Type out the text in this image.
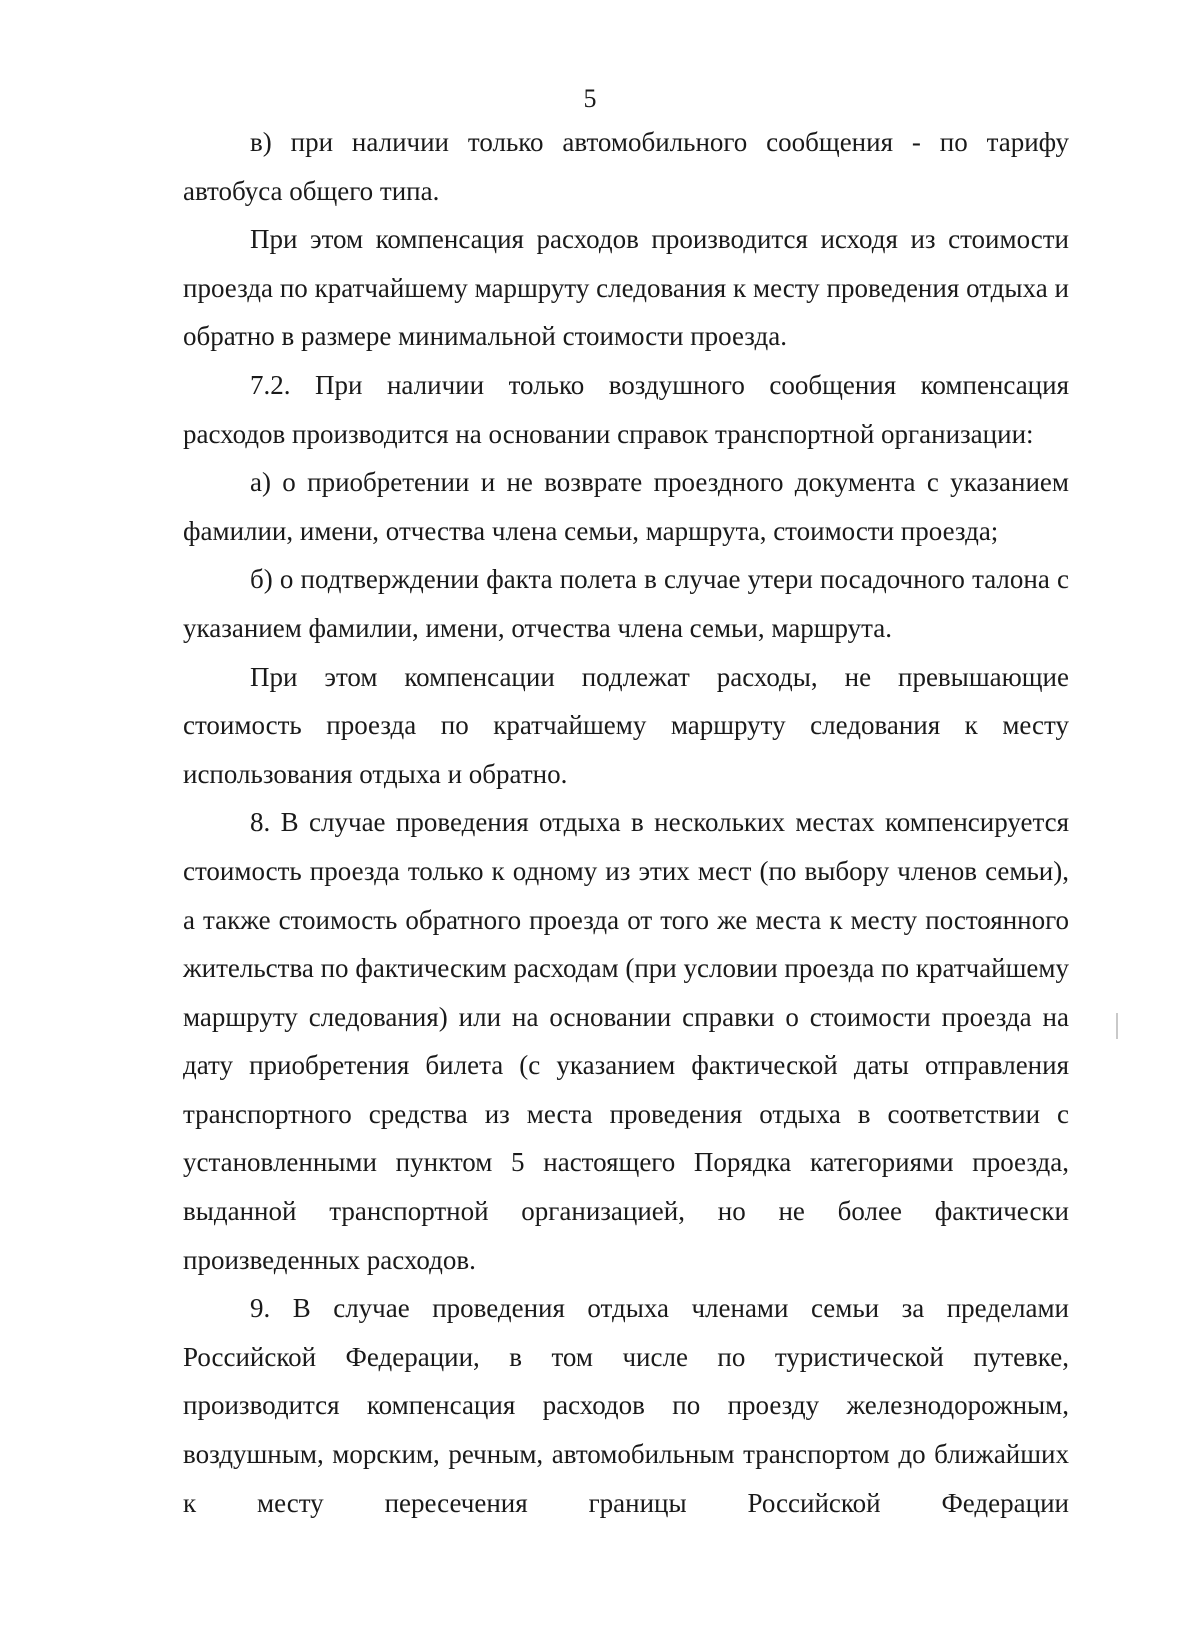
5

в) при наличии только автомобильного сообщения - по тарифу автобуса общего типа.

При этом компенсация расходов производится исходя из стоимости проезда по кратчайшему маршруту следования к месту проведения отдыха и обратно в размере минимальной стоимости проезда.

7.2. При наличии только воздушного сообщения компенсация расходов производится на основании справок транспортной организации:

а) о приобретении и не возврате проездного документа с указанием фамилии, имени, отчества члена семьи, маршрута, стоимости проезда;

б) о подтверждении факта полета в случае утери посадочного талона с указанием фамилии, имени, отчества члена семьи, маршрута.

При этом компенсации подлежат расходы, не превышающие стоимость проезда по кратчайшему маршруту следования к месту использования отдыха и обратно.

8. В случае проведения отдыха в нескольких местах компенсируется стоимость проезда только к одному из этих мест (по выбору членов семьи), а также стоимость обратного проезда от того же места к месту постоянного жительства по фактическим расходам (при условии проезда по кратчайшему маршруту следования) или на основании справки о стоимости проезда на дату приобретения билета (с указанием фактической даты отправления транспортного средства из места проведения отдыха в соответствии с установленными пунктом 5 настоящего Порядка категориями проезда, выданной транспортной организацией, но не более фактически произведенных расходов.

9. В случае проведения отдыха членами семьи за пределами Российской Федерации, в том числе по туристической путевке, производится компенсация расходов по проезду железнодорожным, воздушным, морским, речным, автомобильным транспортом до ближайших к месту пересечения границы Российской Федерации
